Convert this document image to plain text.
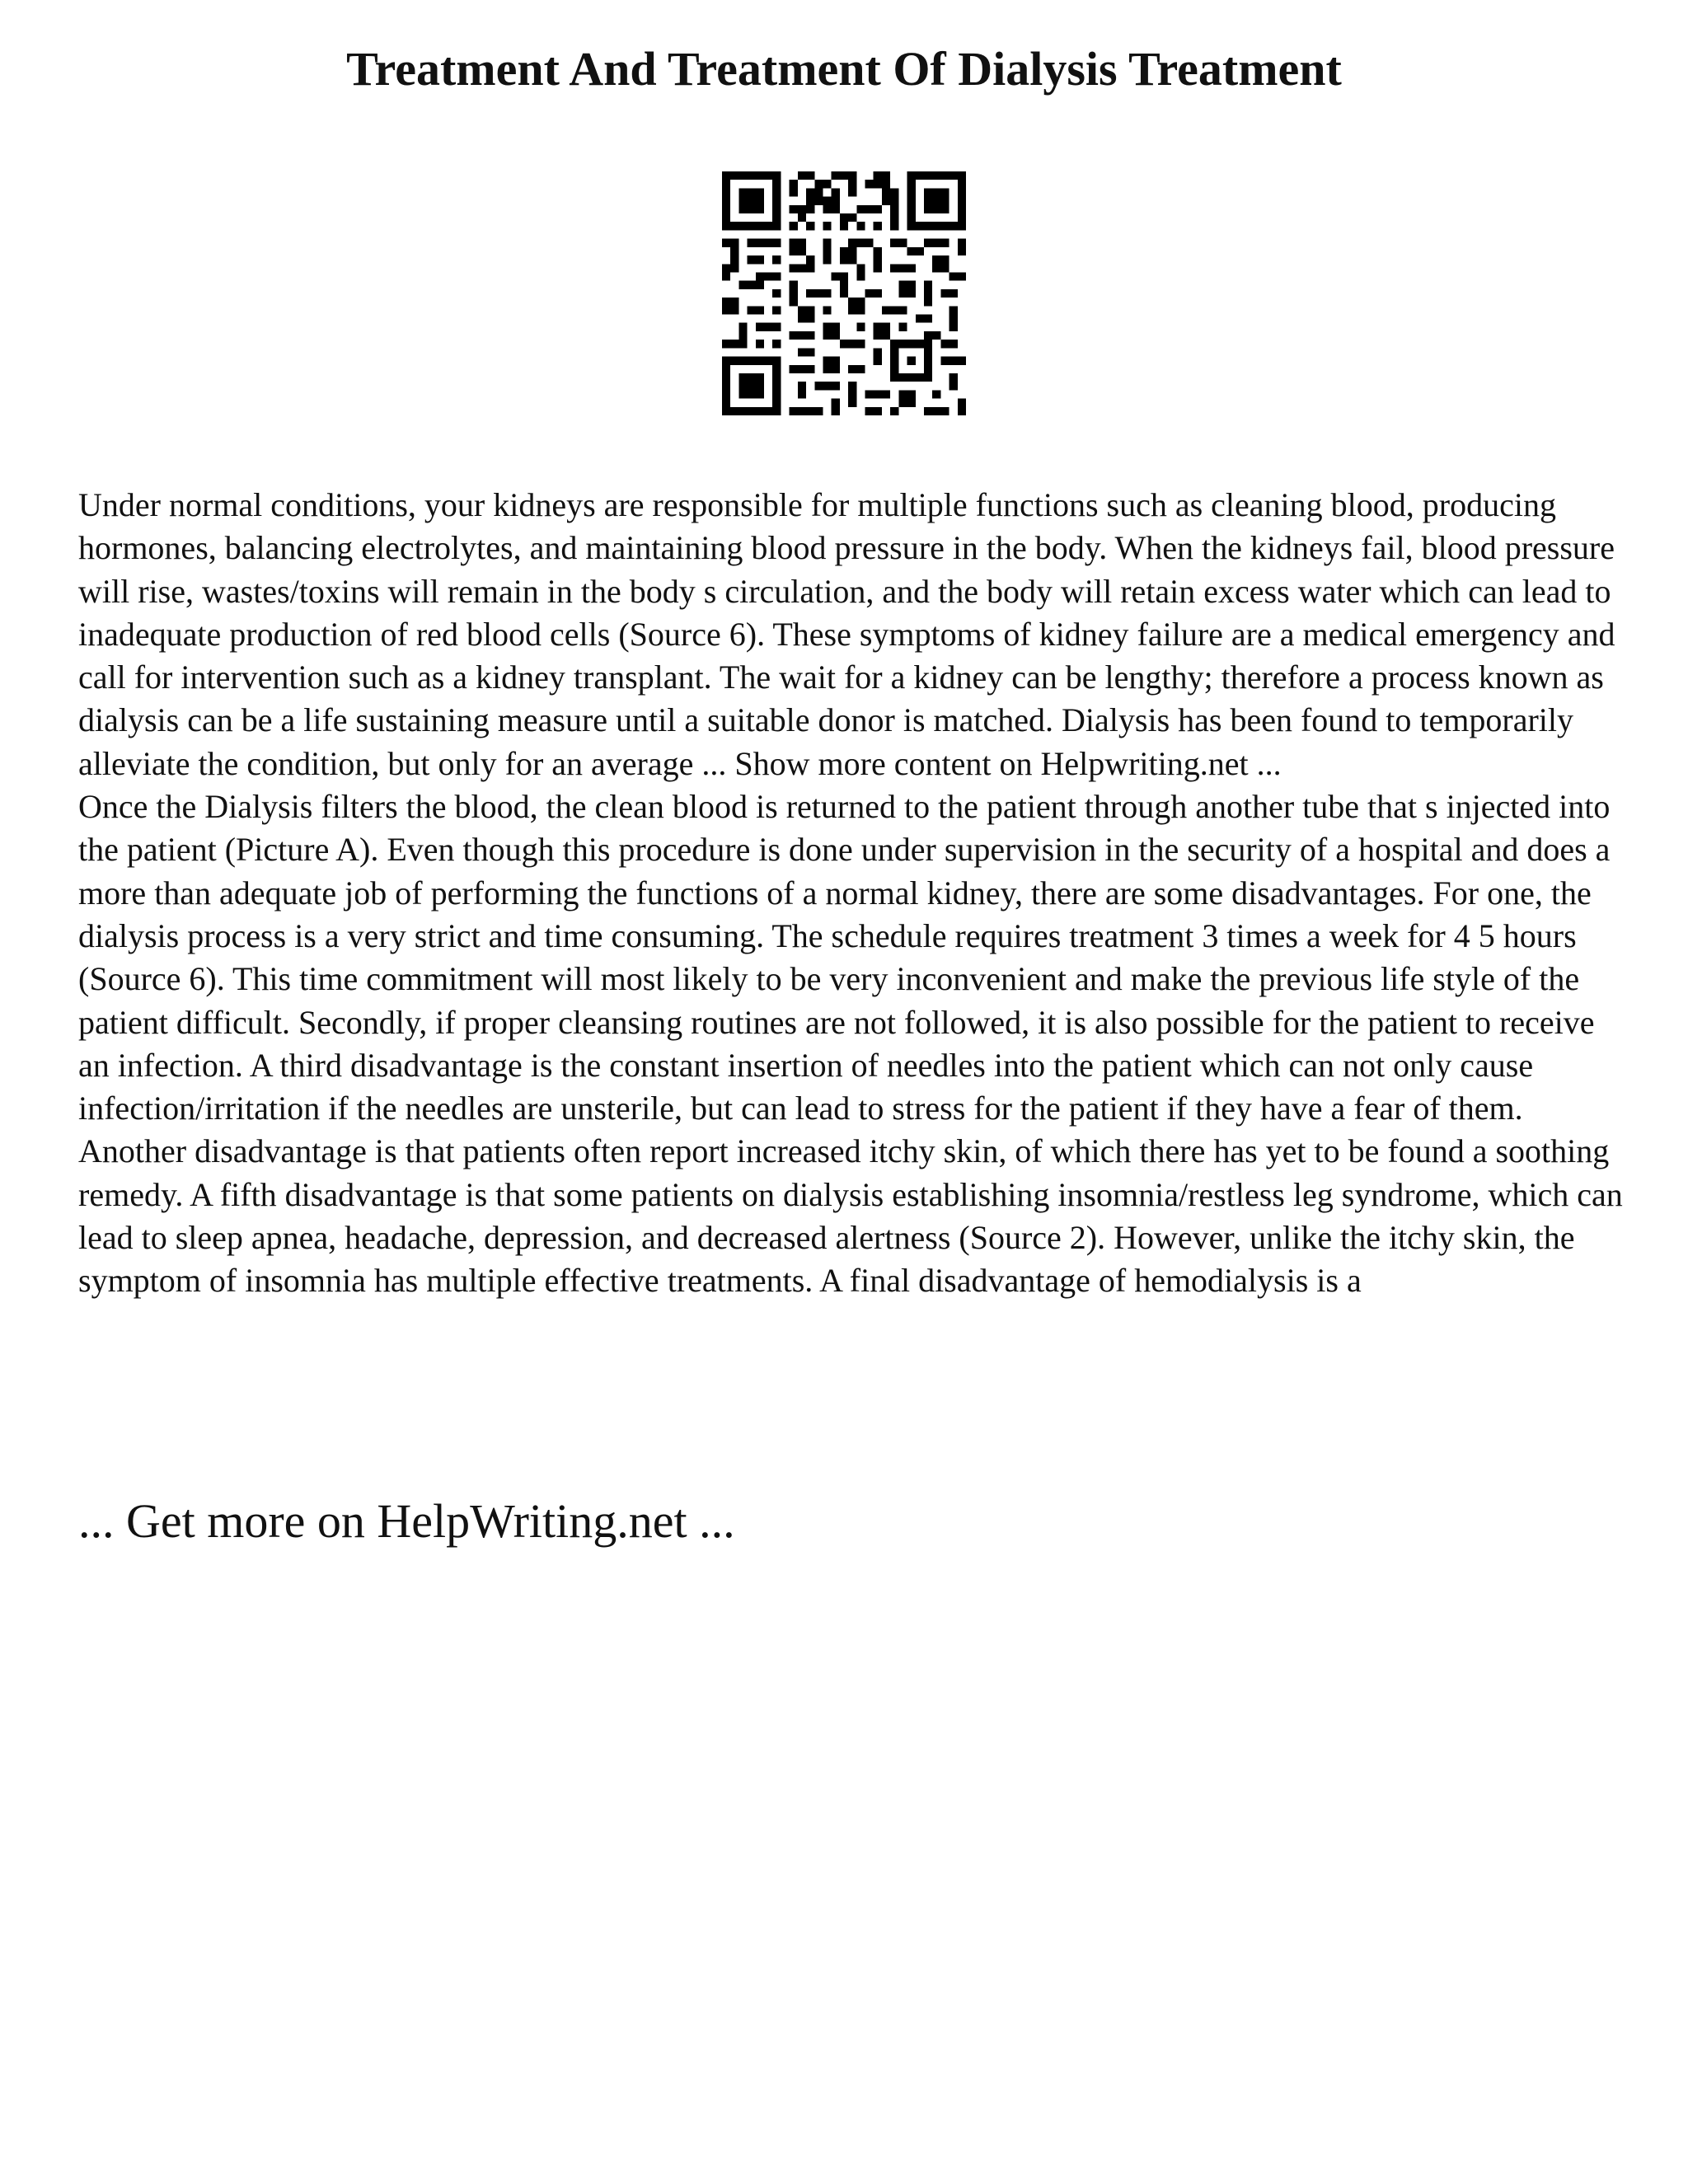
Treatment And Treatment Of Dialysis Treatment

Under normal conditions, your kidneys are responsible for multiple functions such as cleaning blood, producing hormones, balancing electrolytes, and maintaining blood pressure in the body. When the kidneys fail, blood pressure will rise, wastes/toxins will remain in the body s circulation, and the body will retain excess water which can lead to inadequate production of red blood cells (Source 6). These symptoms of kidney failure are a medical emergency and call for intervention such as a kidney transplant. The wait for a kidney can be lengthy; therefore a process known as dialysis can be a life sustaining measure until a suitable donor is matched. Dialysis has been found to temporarily alleviate the condition, but only for an average ... Show more content on Helpwriting.net ...

Once the Dialysis filters the blood, the clean blood is returned to the patient through another tube that s injected into the patient (Picture A). Even though this procedure is done under supervision in the security of a hospital and does a more than adequate job of performing the functions of a normal kidney, there are some disadvantages. For one, the dialysis process is a very strict and time consuming. The schedule requires treatment 3 times a week for 4 5 hours (Source 6). This time commitment will most likely to be very inconvenient and make the previous life style of the patient difficult. Secondly, if proper cleansing routines are not followed, it is also possible for the patient to receive an infection. A third disadvantage is the constant insertion of needles into the patient which can not only cause infection/irritation if the needles are unsterile, but can lead to stress for the patient if they have a fear of them. Another disadvantage is that patients often report increased itchy skin, of which there has yet to be found a soothing remedy. A fifth disadvantage is that some patients on dialysis establishing insomnia/restless leg syndrome, which can lead to sleep apnea, headache, depression, and decreased alertness (Source 2). However, unlike the itchy skin, the symptom of insomnia has multiple effective treatments. A final disadvantage of hemodialysis is a

... Get more on HelpWriting.net ...
